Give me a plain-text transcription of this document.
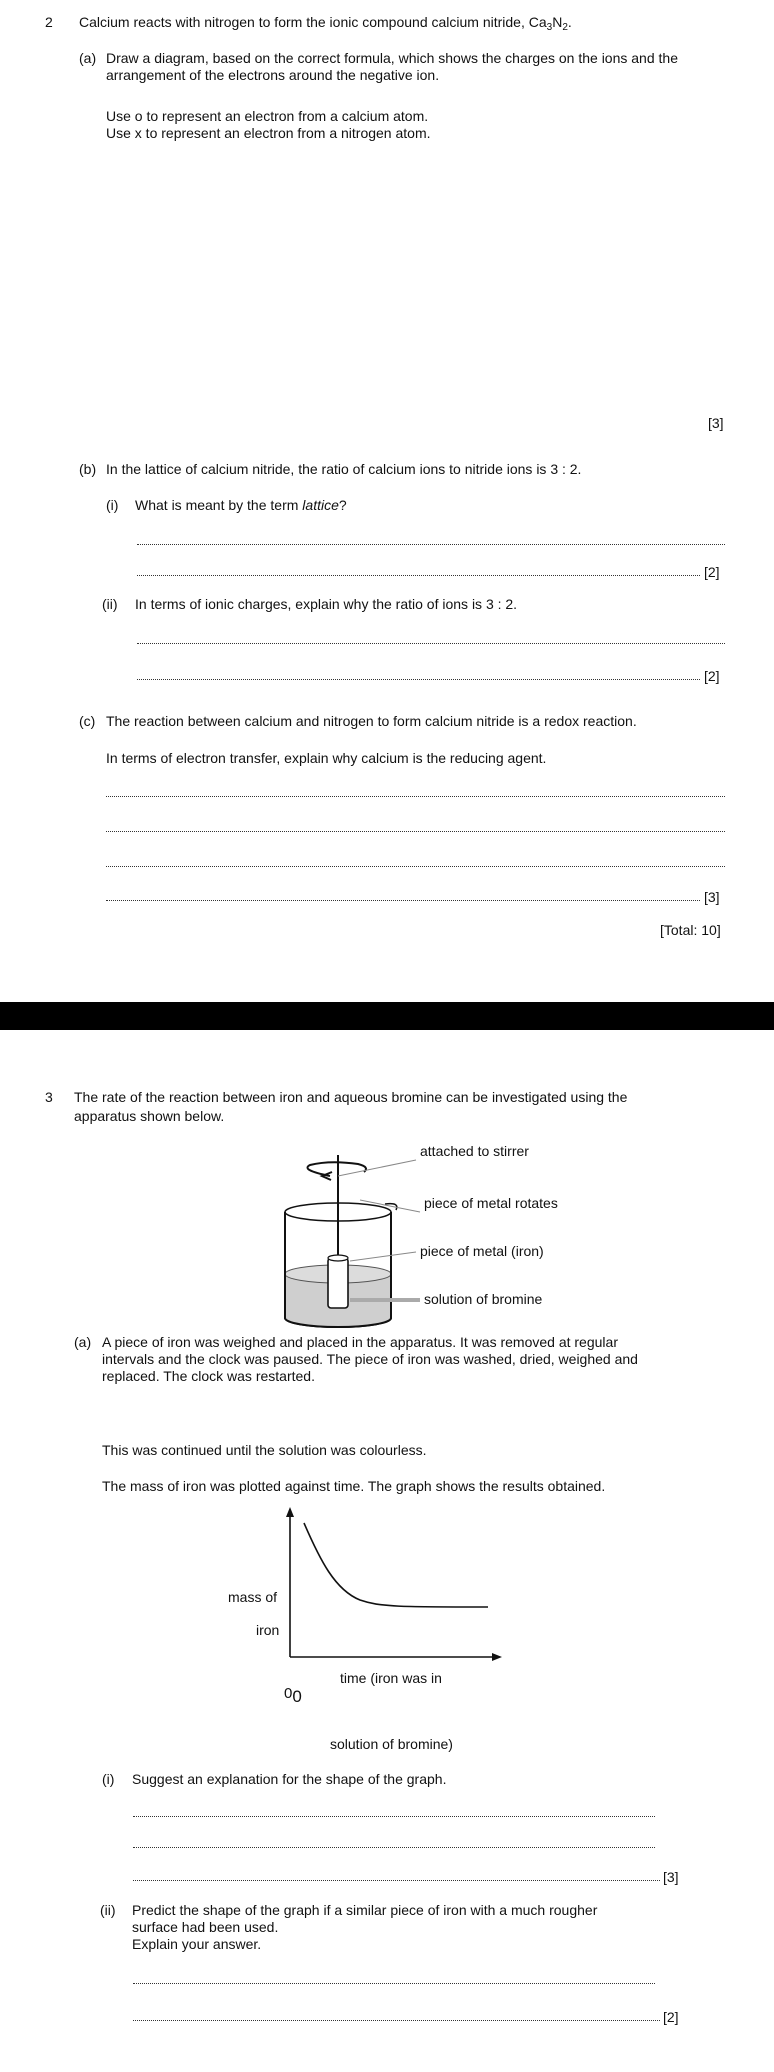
2 Calcium reacts with nitrogen to form the ionic compound calcium nitride, $Ca_3N_2$.
(a) Draw a diagram, based on the correct formula, which shows the charges on the ions and the
arrangement of the electrons around the negative ion.
Use o to represent an electron from a calcium atom.
Use x to represent an electron from a nitrogen atom.
[3]
(b) In the lattice of calcium nitride, the ratio of calcium ions to nitride ions is 3 : 2.
(i) What is meant by the term lattice?
[2]
(ii) In terms of ionic charges, explain why the ratio of ions is 3 : 2.
[2]
(c) The reaction between calcium and nitrogen to form calcium nitride is a redox reaction.
In terms of electron transfer, explain why calcium is the reducing agent.
[3]
[Total: 10]
3 The rate of the reaction between iron and aqueous bromine can be investigated using the
apparatus shown below.
attached to stirrer
piece of metal rotates
piece of metal (iron)
solution of bromine
(a) A piece of iron was weighed and placed in the apparatus. It was removed at regular
intervals and the clock was paused. The piece of iron was washed, dried, weighed and
replaced. The clock was restarted.
This was continued until the solution was colourless.
The mass of iron was plotted against time. The graph shows the results obtained.
mass of
iron
time (iron was in
00
solution of bromine)
(i) Suggest an explanation for the shape of the graph.
[3]
(ii) Predict the shape of the graph if a similar piece of iron with a much rougher
surface had been used.
Explain your answer.
[2]
